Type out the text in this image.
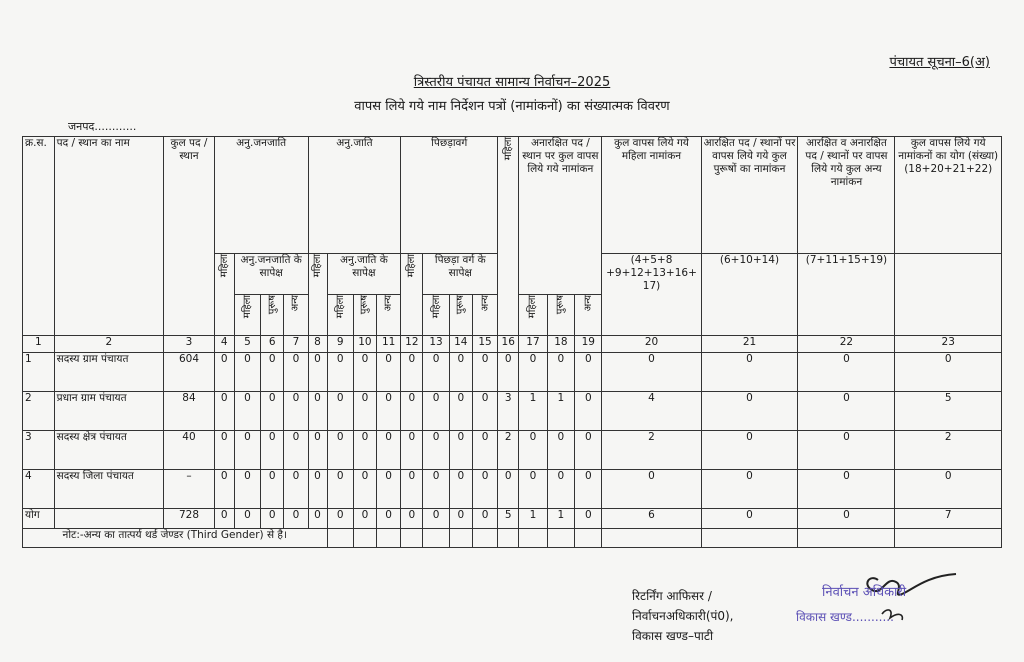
पंचायत सूचना–6(अ)
त्रिस्तरीय पंचायत सामान्य निर्वाचन–2025
वापस लिये गये नाम निर्देशन पत्रों (नामांकनों) का संख्यात्मक विवरण
जनपद............
क्र.स.	पद / स्थान का नाम	कुल पद / स्थान	अनु.जनजाति				अनु.जाति				पिछड़ावर्ग				महिला	अनारक्षित पद / स्थान पर कुल वापस लिये गये नामांकन			कुल वापस लिये गये महिला नामांकन	आरक्षित पद / स्थानों पर वापस लिये गये कुल पुरूषों का नामांकन	आरक्षित व अनारक्षित पद / स्थानों पर वापस लिये गये कुल अन्य नामांकन	कुल वापस लिये गये नामांकनों का योग (संख्या)
(18+20+21+22)
			महिला	अनु.जनजाति के सापेक्ष			महिला	अनु.जाति के सापेक्ष			महिला	पिछड़ा वर्ग के सापेक्ष							(4+5+8 +9+12+13+16+ 17)	(6+10+14)	(7+11+15+19)	
				महिला	पुरूष	अन्य		महिला	पुरूष	अन्य		महिला	पुरूष	अन्य		महिला	पुरूष	अन्य				
1	2	3	4	5	6	7	8	9	10	11	12	13	14	15	16	17	18	19	20	21	22	23
1	सदस्य ग्राम पंचायत	604	0	0	0	0	0	0	0	0	0	0	0	0	0	0	0	0	0	0	0	0
2	प्रधान ग्राम पंचायत	84	0	0	0	0	0	0	0	0	0	0	0	0	3	1	1	0	4	0	0	5
3	सदस्य क्षेत्र पंचायत	40	0	0	0	0	0	0	0	0	0	0	0	0	2	0	0	0	2	0	0	2
4	सदस्य जिला पंचायत	–	0	0	0	0	0	0	0	0	0	0	0	0	0	0	0	0	0	0	0	0
योग		728	0	0	0	0	0	0	0	0	0	0	0	0	5	1	1	0	6	0	0	7
नोट:-अन्य का तात्पर्य थर्ड जेण्डर (Third Gender) से है।																						
रिटर्निंग आफिसर /
निर्वाचनअधिकारी(पं0),
विकास खण्ड–पाटी
निर्वाचन अधिकारी
विकास खण्ड...........
